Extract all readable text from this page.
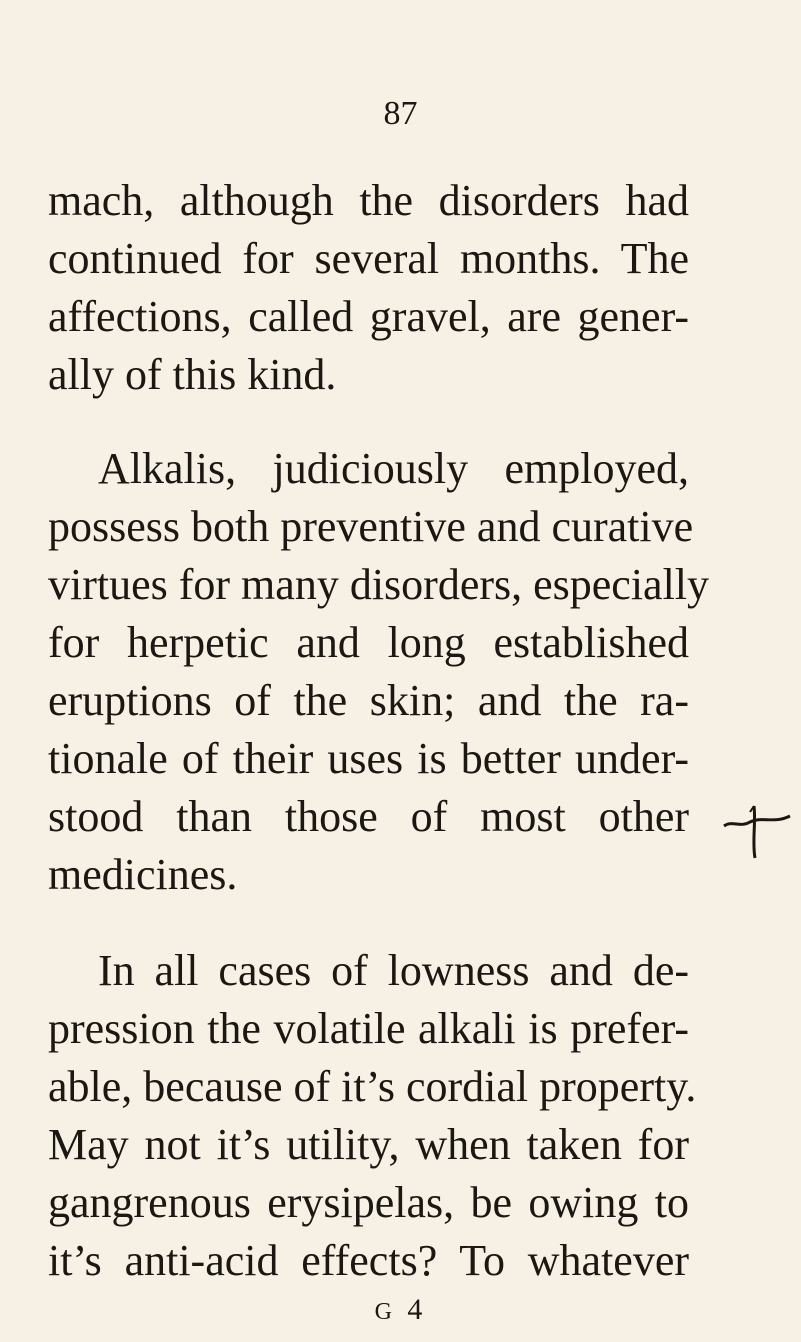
87
mach, although the disorders had
continued for several months. The
affections, called gravel, are gener-
ally of this kind.
Alkalis, judiciously employed,
possess both preventive and curative
virtues for many disorders, especially
for herpetic and long established
eruptions of the skin; and the ra-
tionale of their uses is better under-
stood than those of most other
medicines.
In all cases of lowness and de-
pression the volatile alkali is prefer-
able, because of it’s cordial property.
May not it’s utility, when taken for
gangrenous erysipelas, be owing to
it’s anti-acid effects? To whatever
G 4
